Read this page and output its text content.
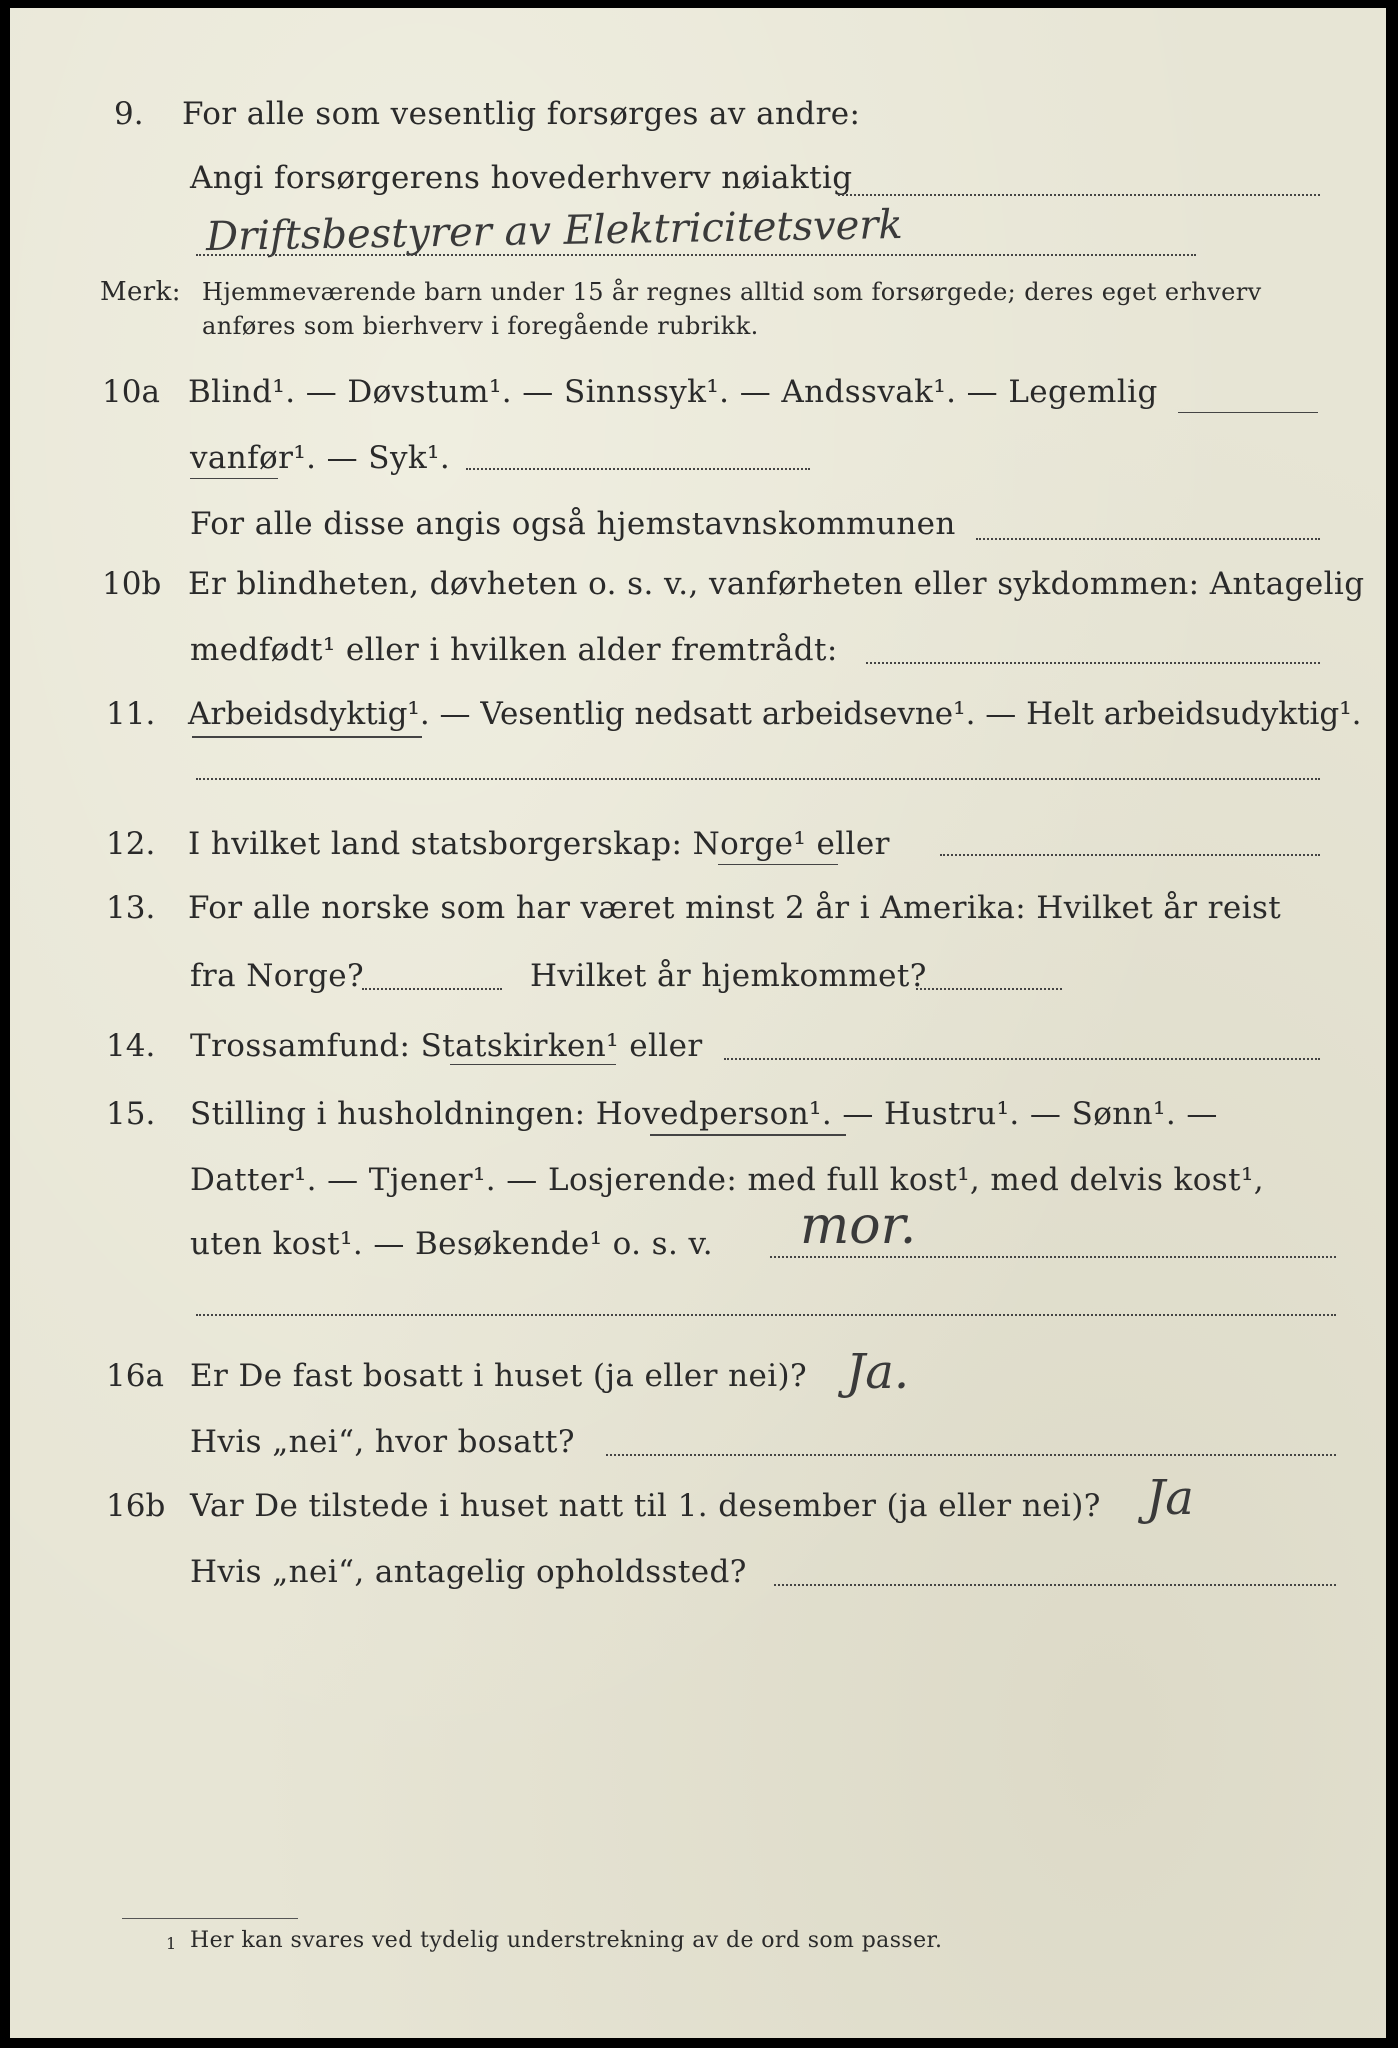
9. For alle som vesentlig forsørges av andre:
Angi forsørgerens hovederhverv nøiaktig
Driftsbestyrer av Elektricitetsverk
Merk: Hjemmeværende barn under 15 år regnes alltid som forsørgede; deres eget erhverv
anføres som bierhverv i foregående rubrikk.
10a Blind¹. — Døvstum¹. — Sinnssyk¹. — Andssvak¹. — Legemlig
vanfør¹. — Syk¹.
For alle disse angis også hjemstavnskommunen
10b Er blindheten, døvheten o. s. v., vanførheten eller sykdommen: Antagelig
medfødt¹ eller i hvilken alder fremtrådt:
11. Arbeidsdyktig¹. — Vesentlig nedsatt arbeidsevne¹. — Helt arbeidsudyktig¹.
12. I hvilket land statsborgerskap: Norge¹ eller
13. For alle norske som har været minst 2 år i Amerika: Hvilket år reist
fra Norge?	Hvilket år hjemkommet?
14. Trossamfund: Statskirken¹ eller
15. Stilling i husholdningen: Hovedperson¹. — Hustru¹. — Sønn¹. —
Datter¹. — Tjener¹. — Losjerende: med full kost¹, med delvis kost¹,
uten kost¹. — Besøkende¹ o. s. v. mor.
16a Er De fast bosatt i huset (ja eller nei)? Ja.
Hvis „nei“, hvor bosatt?
16b Var De tilstede i huset natt til 1. desember (ja eller nei)? Ja
Hvis „nei“, antagelig opholdssted?
1 Her kan svares ved tydelig understrekning av de ord som passer.
